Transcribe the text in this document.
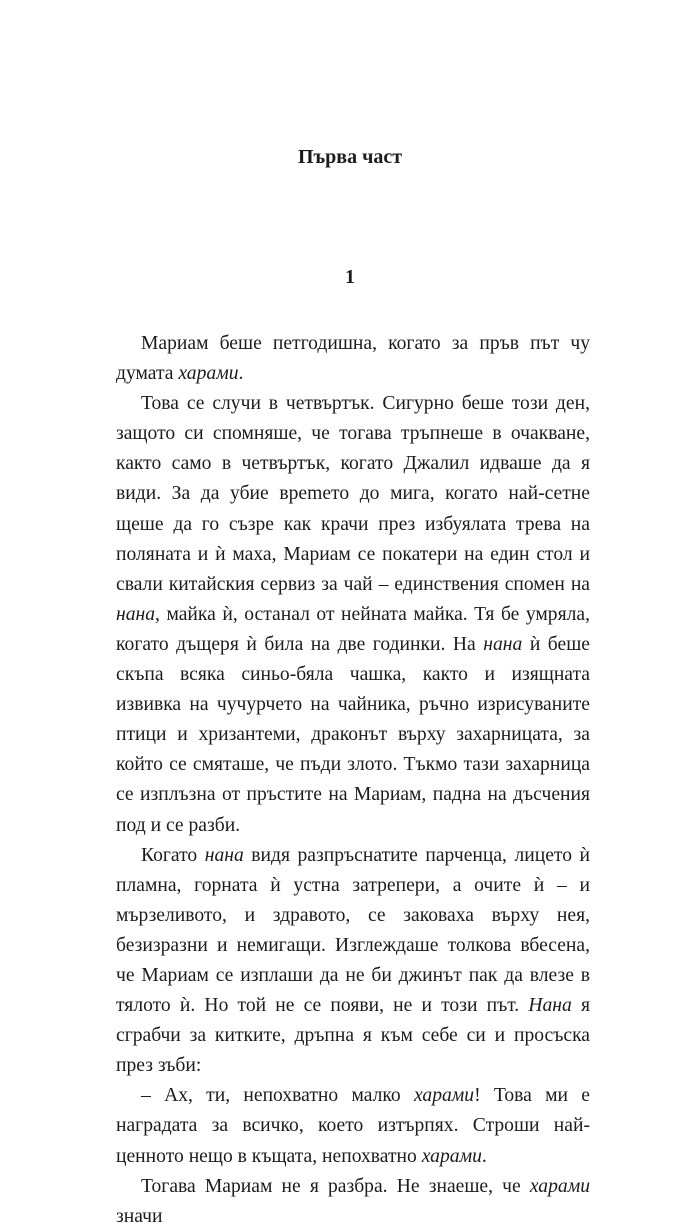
Първа част
1

Мариам беше петгодишна, когато за пръв път чу думата харами.

Това се случи в четвъртък. Сигурно беше този ден, защото си спомняше, че тогава тръпнеше в очакване, както само в четвъртък, когато Джалил идваше да я види. За да убие вреmето до мига, когато най-сетне щеше да го съзре как крачи през избуялата трева на поляната и ѝ маха, Мариам се покатери на един стол и свали китайския сервиз за чай – единствения спомен на нана, майка ѝ, останал от нейната майка. Тя бе умряла, когато дъщеря ѝ била на две годинки. На нана ѝ беше скъпа всяка синьо-бяла чашка, както и изящната извивка на чучурчето на чайника, ръчно изрисуваните птици и хризантеми, драконът върху захарницата, за който се смяташе, че пъди злото. Тъкмо тази захарница се изплъзна от пръстите на Мариам, падна на дъсчения под и се разби.

Когато нана видя разпръснатите парченца, лицето ѝ пламна, горната ѝ устна затрепери, а очите ѝ – и мързеливото, и здравото, се заковаха върху нея, безизразни и немигащи. Изглеждаше толкова вбесена, че Мариам се изплаши да не би джинът пак да влезе в тялото ѝ. Но той не се появи, не и този път. Нана я сграбчи за китките, дръпна я към себе си и просъска през зъби:

– Ах, ти, непохватно малко харами! Това ми е наградата за всичко, което изтърпях. Строши най-ценното нещо в къщата, непохватно харами.

Тогава Мариам не я разбра. Не знаеше, че харами значи
